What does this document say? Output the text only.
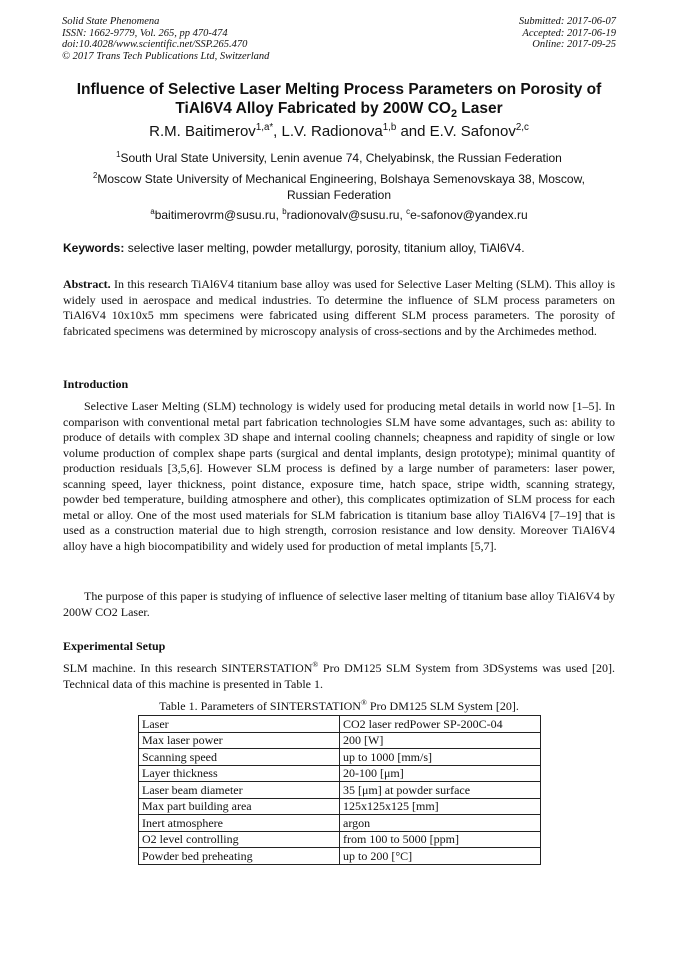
Solid State Phenomena
ISSN: 1662-9779, Vol. 265, pp 470-474
doi:10.4028/www.scientific.net/SSP.265.470
© 2017 Trans Tech Publications Ltd, Switzerland
Submitted: 2017-06-07
Accepted: 2017-06-19
Online: 2017-09-25
Influence of Selective Laser Melting Process Parameters on Porosity of
TiAl6V4 Alloy Fabricated by 200W $CO_2$ Laser
R.M. Baitimerov$^{1,a*}$, L.V. Radionova$^{1,b}$ and E.V. Safonov$^{2,c}$
$^1$South Ural State University, Lenin avenue 74, Chelyabinsk, the Russian Federation
$^2$Moscow State University of Mechanical Engineering, Bolshaya Semenovskaya 38, Moscow,
Russian Federation
$^a$baitimerovrm@susu.ru, $^b$radionovalv@susu.ru, $^c$e-safonov@yandex.ru
Keywords: selective laser melting, powder metallurgy, porosity, titanium alloy, TiAl6V4.
Abstract. In this research TiAl6V4 titanium base alloy was used for Selective Laser Melting (SLM). This alloy is widely used in aerospace and medical industries. To determine the influence of SLM process parameters on TiAl6V4 10x10x5 mm specimens were fabricated using different SLM process parameters. The porosity of fabricated specimens was determined by microscopy analysis of cross-sections and by the Archimedes method.
Introduction
Selective Laser Melting (SLM) technology is widely used for producing metal details in world now [1–5]. In comparison with conventional metal part fabrication technologies SLM have some advantages, such as: ability to produce of details with complex 3D shape and internal cooling channels; cheapness and rapidity of single or low volume production of complex shape parts (surgical and dental implants, design prototype); minimal quantity of production residuals [3,5,6]. However SLM process is defined by a large number of parameters: laser power, scanning speed, layer thickness, point distance, exposure time, hatch space, stripe width, scanning strategy, powder bed temperature, building atmosphere and other), this complicates optimization of SLM process for each metal or alloy. One of the most used materials for SLM fabrication is titanium base alloy TiAl6V4 [7–19] that is used as a construction material due to high strength, corrosion resistance and low density. Moreover TiAl6V4 alloy have a high biocompatibility and widely used for production of metal implants [5,7].
The purpose of this paper is studying of influence of selective laser melting of titanium base alloy TiAl6V4 by 200W CO2 Laser.
Experimental Setup
SLM machine. In this research SINTERSTATION® Pro DM125 SLM System from 3DSystems was used [20]. Technical data of this machine is presented in Table 1.
Table 1. Parameters of SINTERSTATION® Pro DM125 SLM System [20].
Laser	CO2 laser redPower SP-200C-04
Max laser power	200 [W]
Scanning speed	up to 1000 [mm/s]
Layer thickness	20-100 [μm]
Laser beam diameter	35 [μm] at powder surface
Max part building area	125x125x125 [mm]
Inert atmosphere	argon
O2 level controlling	from 100 to 5000 [ppm]
Powder bed preheating	up to 200 [°C]
